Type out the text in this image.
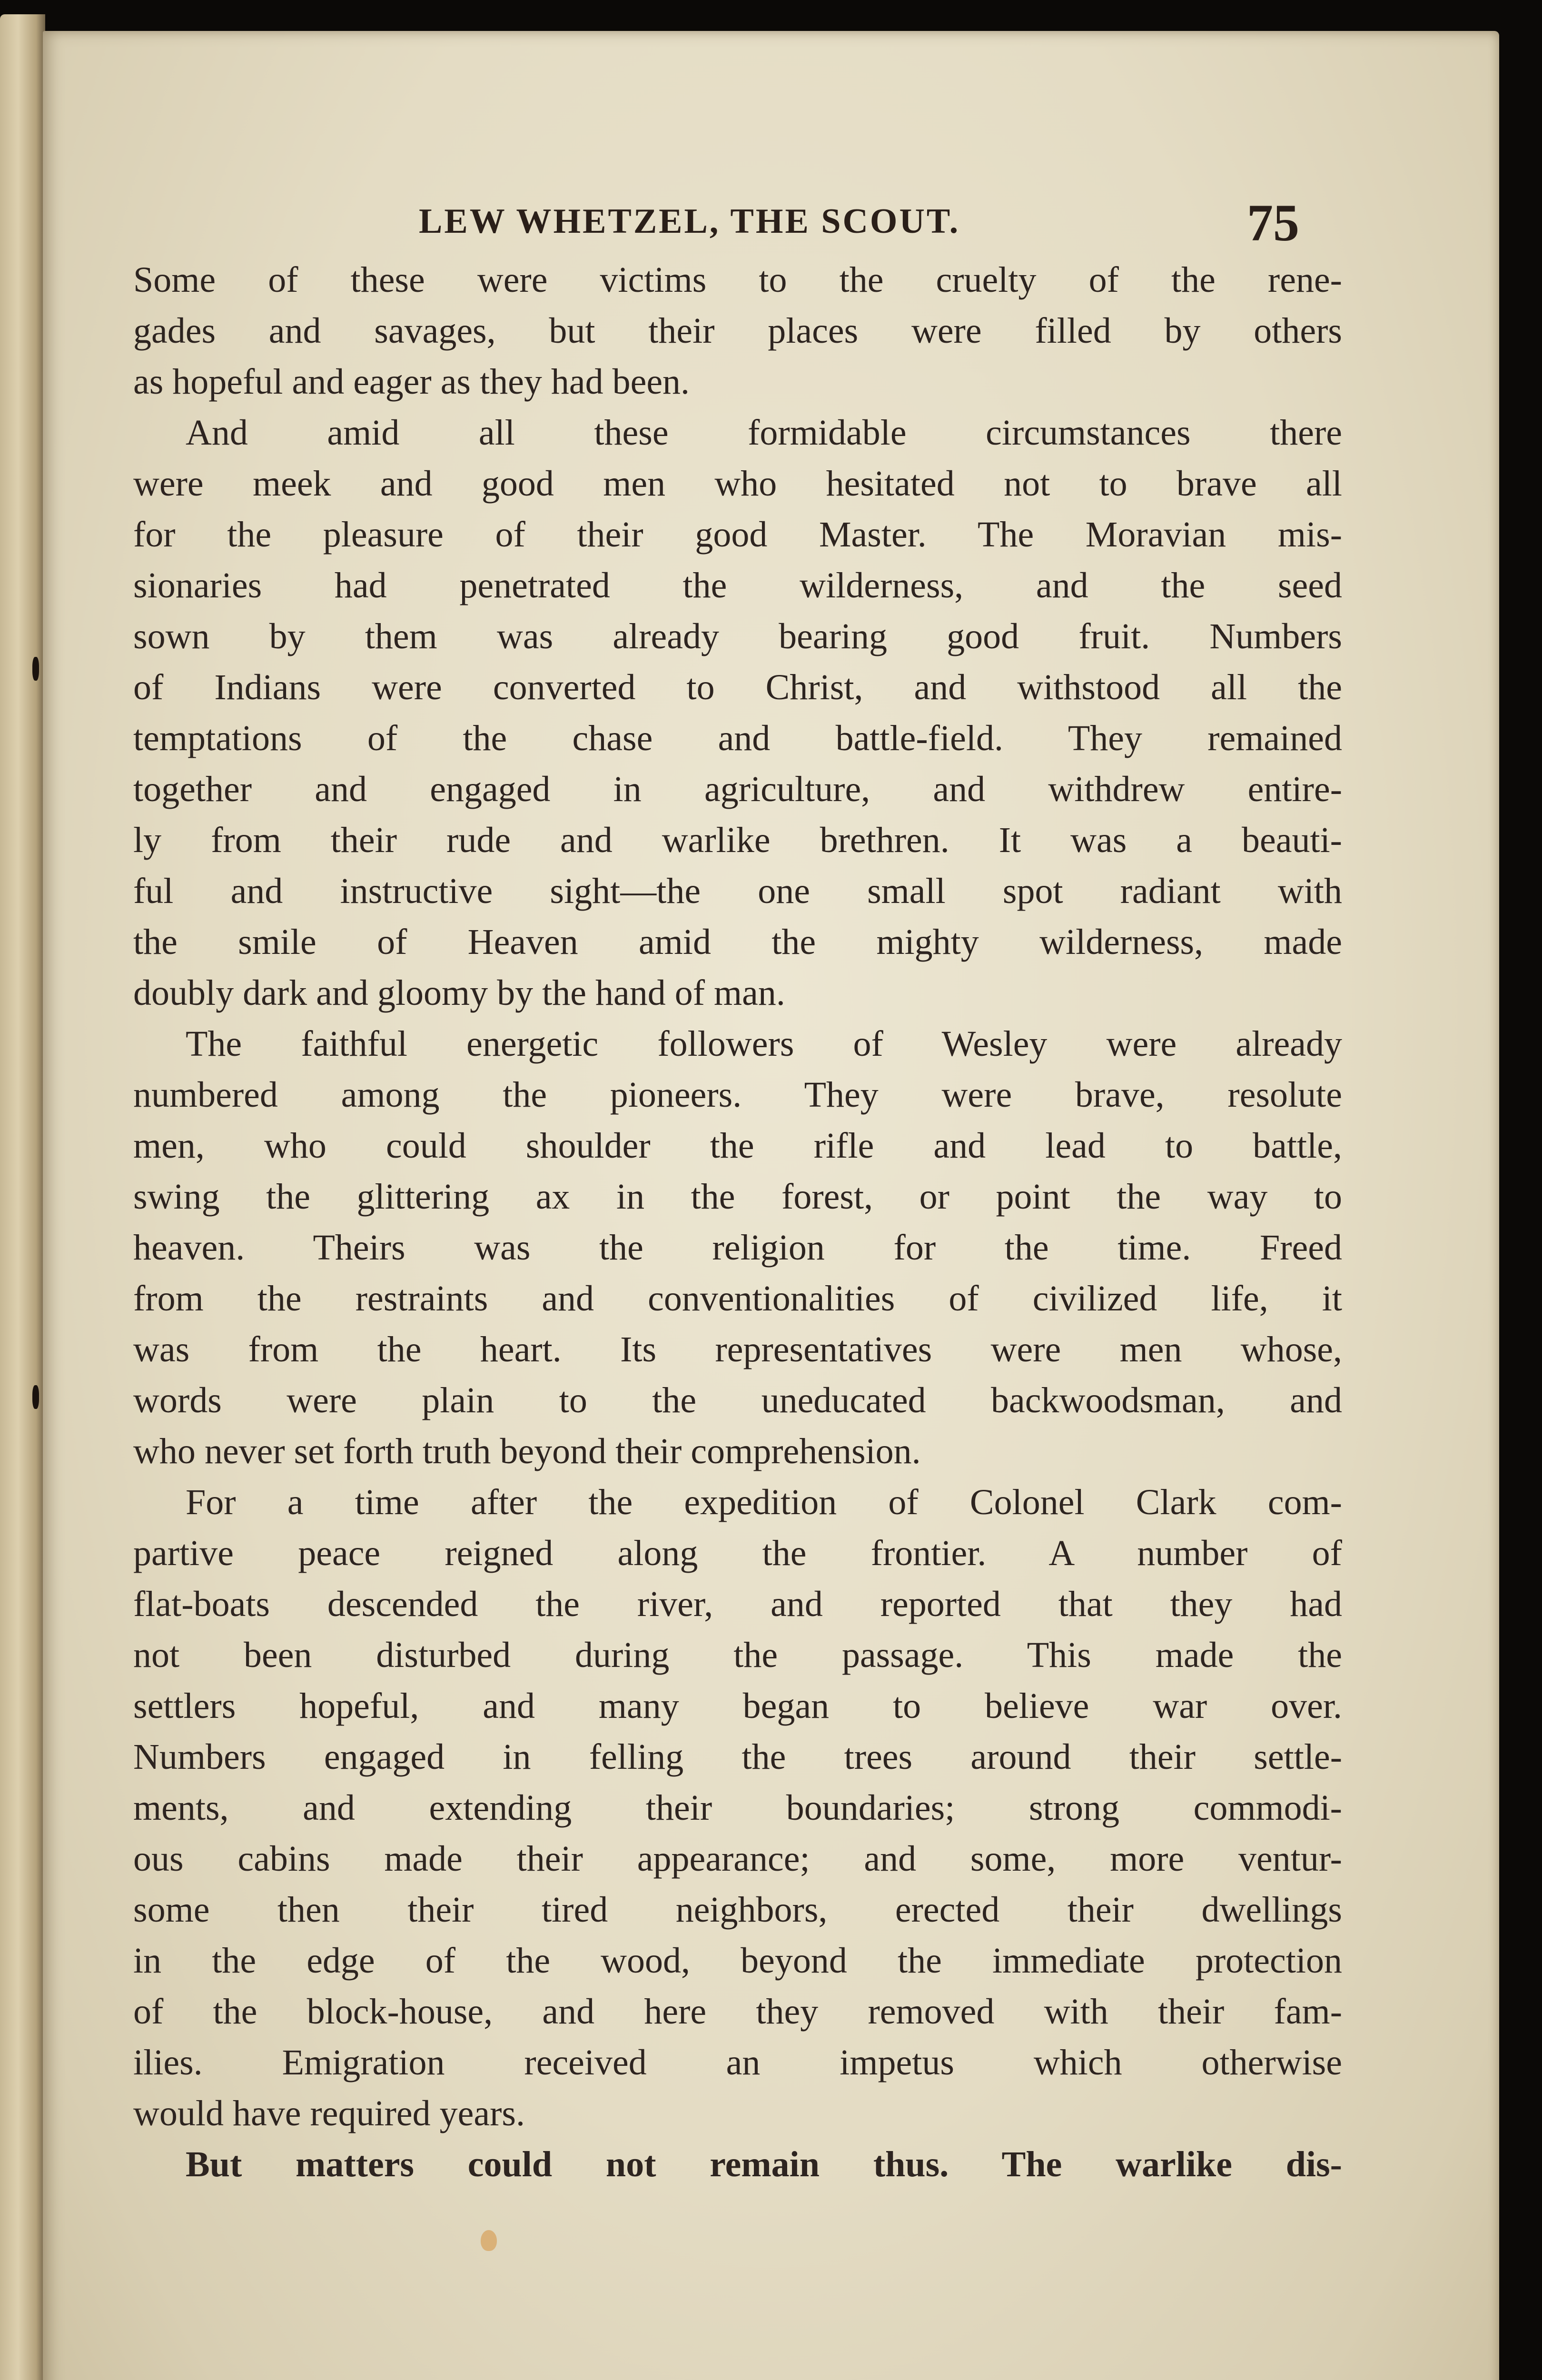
LEW WHETZEL, THE SCOUT.	75
Some of these were victims to the cruelty of the rene-
gades and savages, but their places were filled by others
as hopeful and eager as they had been.
And amid all these formidable circumstances there
were meek and good men who hesitated not to brave all
for the pleasure of their good Master. The Moravian mis-
sionaries had penetrated the wilderness, and the seed
sown by them was already bearing good fruit. Numbers
of Indians were converted to Christ, and withstood all the
temptations of the chase and battle-field. They remained
together and engaged in agriculture, and withdrew entire-
ly from their rude and warlike brethren. It was a beauti-
ful and instructive sight—the one small spot radiant with
the smile of Heaven amid the mighty wilderness, made
doubly dark and gloomy by the hand of man.
The faithful energetic followers of Wesley were already
numbered among the pioneers. They were brave, resolute
men, who could shoulder the rifle and lead to battle,
swing the glittering ax in the forest, or point the way to
heaven. Theirs was the religion for the time. Freed
from the restraints and conventionalities of civilized life, it
was from the heart. Its representatives were men whose,
words were plain to the uneducated backwoodsman, and
who never set forth truth beyond their comprehension.
For a time after the expedition of Colonel Clark com-
partive peace reigned along the frontier. A number of
flat-boats descended the river, and reported that they had
not been disturbed during the passage. This made the
settlers hopeful, and many began to believe war over.
Numbers engaged in felling the trees around their settle-
ments, and extending their boundaries; strong commodi-
ous cabins made their appearance; and some, more ventur-
some then their tired neighbors, erected their dwellings
in the edge of the wood, beyond the immediate protection
of the block-house, and here they removed with their fam-
ilies. Emigration received an impetus which otherwise
would have required years.
But matters could not remain thus. The warlike dis-
